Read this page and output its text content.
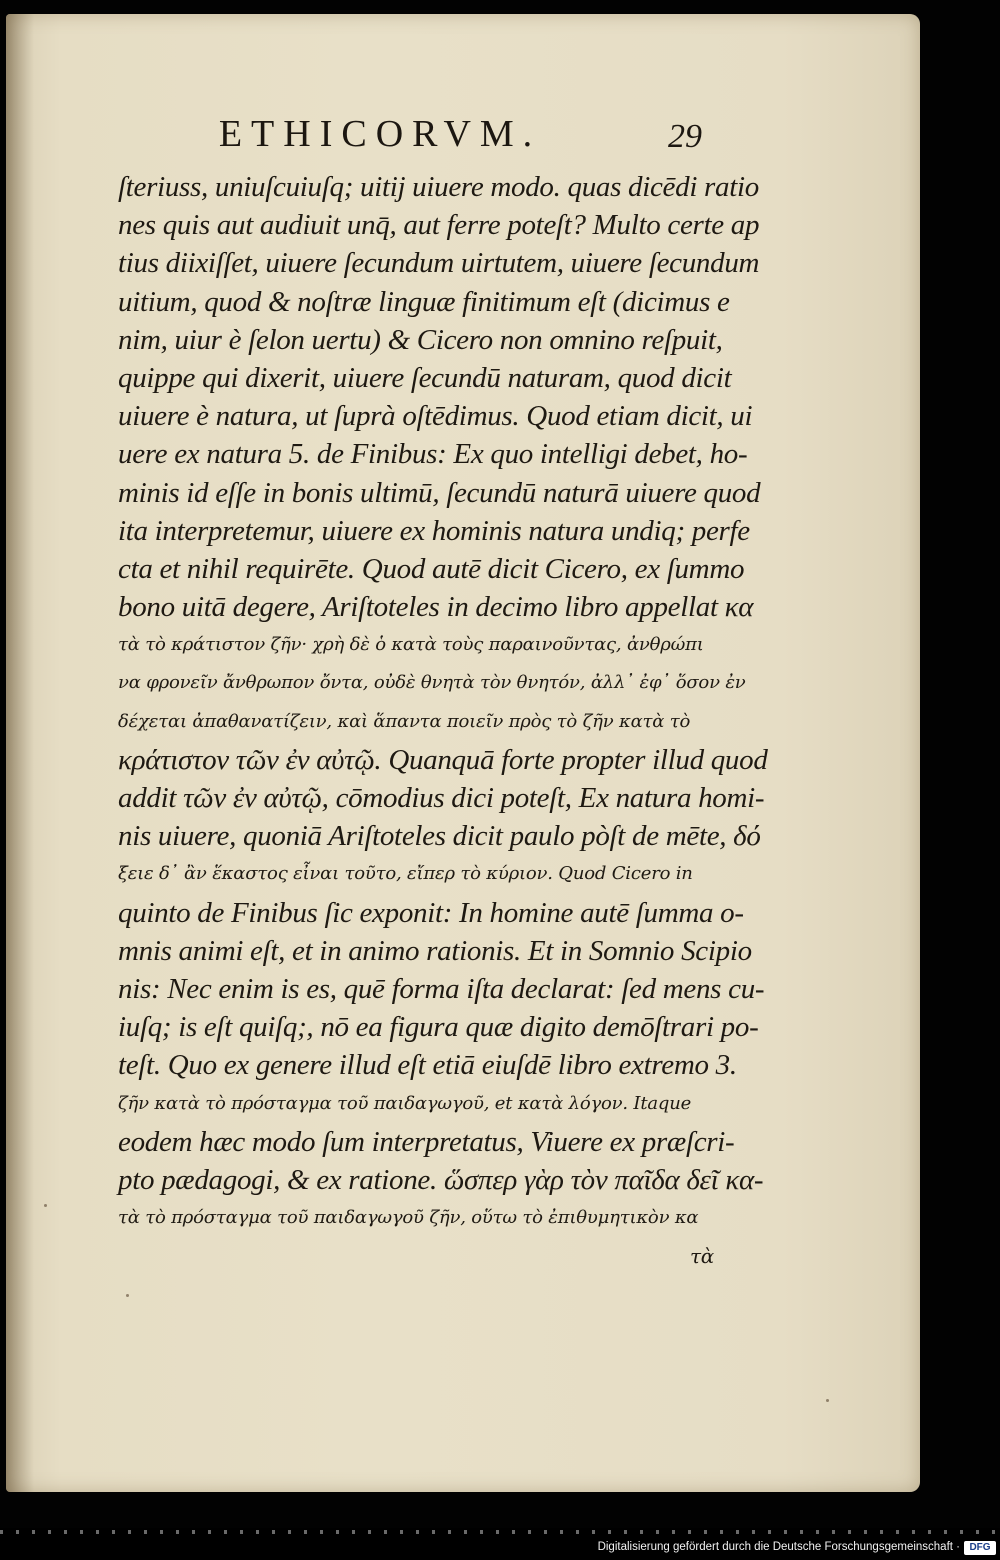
ETHICORVM.	29
ſteriuss, uniuſcuiuſq; uitij uiuere modo. quas dicēdi ratio
nes quis aut audiuit unq̄, aut ferre poteſt? Multo certe ap
tius diixiſſet, uiuere ſecundum uirtutem, uiuere ſecundum
uitium, quod & noſtræ linguæ finitimum eſt (dicimus e
nim, uiur è ſelon uertu) & Cicero non omnino reſpuit,
quippe qui dixerit, uiuere ſecundū naturam, quod dicit
uiuere è natura, ut ſuprà oſtēdimus. Quod etiam dicit, ui
uere ex natura 5. de Finibus: Ex quo intelligi debet, ho-
minis id eſſe in bonis ultimū, ſecundū naturā uiuere quod
ita interpretemur, uiuere ex hominis natura undiq; perfe
cta et nihil requirēte. Quod autē dicit Cicero, ex ſummo
bono uitā degere, Ariſtoteles in decimo libro appellat κα
τὰ τὸ κράτιστον ζῆν· χρὴ δὲ ὁ κατὰ τοὺς παραινοῦντας, ἀνθρώπι
να φρονεῖν ἄνθρωπον ὄντα, οὐδὲ θνητὰ τὸν θνητόν, ἀλλ᾽ ἐφ᾽ ὅσον ἐν
δέχεται ἀπαθανατίζειν, καὶ ἅπαντα ποιεῖν πρὸς τὸ ζῆν κατὰ τὸ
κράτιστον τῶν ἐν αὐτῷ. Quanquā forte propter illud quod
addit τῶν ἐν αὐτῷ, cōmodius dici poteſt, Ex natura homi-
nis uiuere, quoniā Ariſtoteles dicit paulo pòſt de mēte, δό
ξειε δ᾽ ἂν ἕκαστος εἶναι τοῦτο, εἴπερ τὸ κύριον. Quod Cicero in
quinto de Finibus ſic exponit: In homine autē ſumma o-
mnis animi eſt, et in animo rationis. Et in Somnio Scipio
nis: Nec enim is es, quē forma iſta declarat: ſed mens cu-
iuſq; is eſt quiſq;, nō ea figura quæ digito demōſtrari po-
teſt. Quo ex genere illud eſt etiā eiuſdē libro extremo 3.
ζῆν κατὰ τὸ πρόσταγμα τοῦ παιδαγωγοῦ, et κατὰ λόγον. Itaque
eodem hæc modo ſum interpretatus, Viuere ex præſcri-
pto pædagogi, & ex ratione. ὥσπερ γὰρ τὸν παῖδα δεῖ κα-
τὰ τὸ πρόσταγμα τοῦ παιδαγωγοῦ ζῆν, οὕτω τὸ ἐπιθυμητικὸν κα
τὰ
Digitalisierung gefördert durch die Deutsche Forschungsgemeinschaft · DFG
